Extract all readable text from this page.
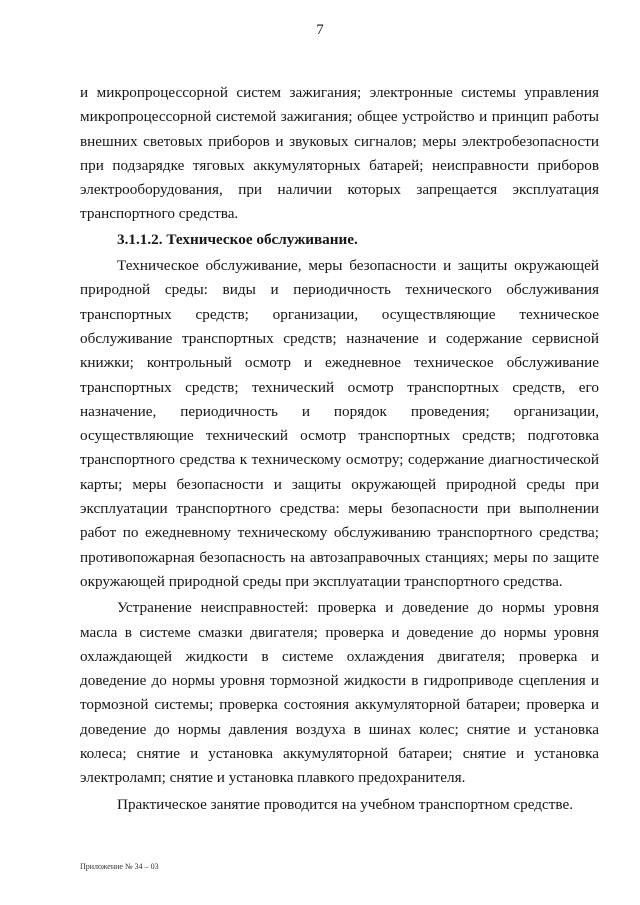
7

и микропроцессорной систем зажигания; электронные системы управления микропроцессорной системой зажигания; общее устройство и принцип работы внешних световых приборов и звуковых сигналов; меры электробезопасности при подзарядке тяговых аккумуляторных батарей; неисправности приборов электрооборудования, при наличии которых запрещается эксплуатация транспортного средства.

3.1.1.2. Техническое обслуживание.

Техническое обслуживание, меры безопасности и защиты окружающей природной среды: виды и периодичность технического обслуживания транспортных средств; организации, осуществляющие техническое обслуживание транспортных средств; назначение и содержание сервисной книжки; контрольный осмотр и ежедневное техническое обслуживание транспортных средств; технический осмотр транспортных средств, его назначение, периодичность и порядок проведения; организации, осуществляющие технический осмотр транспортных средств; подготовка транспортного средства к техническому осмотру; содержание диагностической карты; меры безопасности и защиты окружающей природной среды при эксплуатации транспортного средства: меры безопасности при выполнении работ по ежедневному техническому обслуживанию транспортного средства; противопожарная безопасность на автозаправочных станциях; меры по защите окружающей природной среды при эксплуатации транспортного средства.

Устранение неисправностей: проверка и доведение до нормы уровня масла в системе смазки двигателя; проверка и доведение до нормы уровня охлаждающей жидкости в системе охлаждения двигателя; проверка и доведение до нормы уровня тормозной жидкости в гидроприводе сцепления и тормозной системы; проверка состояния аккумуляторной батареи; проверка и доведение до нормы давления воздуха в шинах колес; снятие и установка колеса; снятие и установка аккумуляторной батареи; снятие и установка электроламп; снятие и установка плавкого предохранителя.

Практическое занятие проводится на учебном транспортном средстве.

Приложение № 34 – 03
